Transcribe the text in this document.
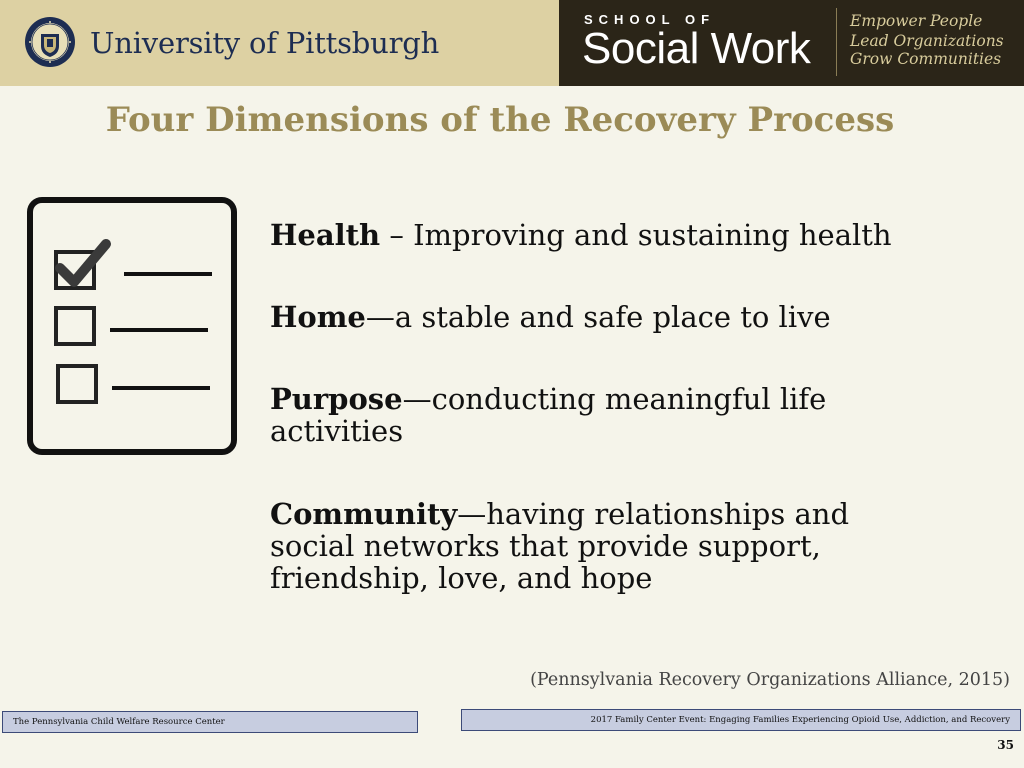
University of Pittsburgh
SCHOOL OF
Social Work
Empower People
Lead Organizations
Grow Communities
Four Dimensions of the Recovery Process
Health – Improving and sustaining health
Home—a stable and safe place to live
Purpose—conducting meaningful life activities
Community—having relationships and social networks that provide support, friendship, love, and hope
(Pennsylvania Recovery Organizations Alliance, 2015)
The Pennsylvania Child Welfare Resource Center	2017 Family Center Event: Engaging Families Experiencing Opioid Use, Addiction, and Recovery
35
